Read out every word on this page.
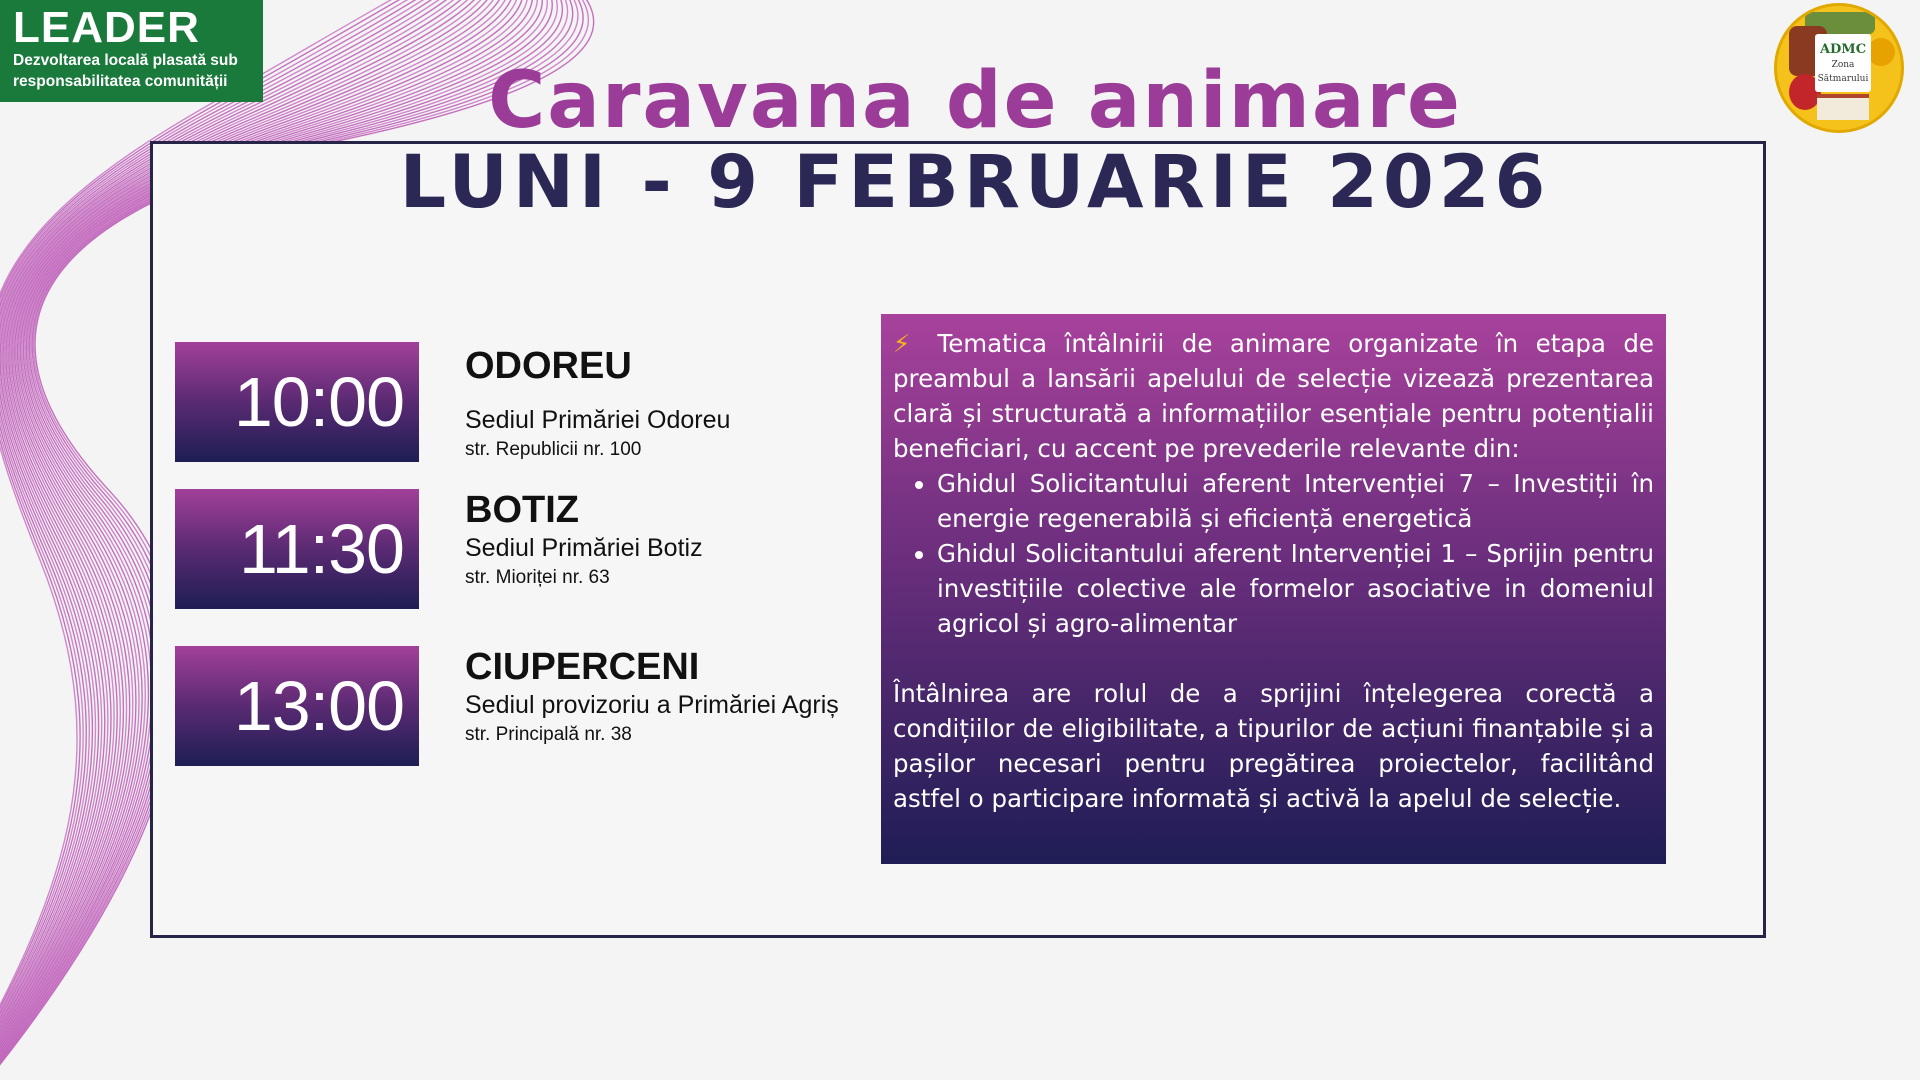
LEADER
Dezvoltarea locală plasată sub
responsabilitatea comunității
ADMC
Zona
Sătmarului
Caravana de animare
LUNI - 9 FEBRUARIE 2026
10:00	ODOREU
Sediul Primăriei Odoreu
str. Republicii nr. 100
11:30	BOTIZ
Sediul Primăriei Botiz
str. Mioriței nr. 63
13:00	CIUPERCENI
Sediul provizoriu a Primăriei Agriș
str. Principală nr. 38

⚡ Tematica întâlnirii de animare organizate în etapa de preambul a lansării apelului de selecție vizează prezentarea clară și structurată a informațiilor esențiale pentru potențialii beneficiari, cu accent pe prevederile relevante din:

• Ghidul Solicitantului aferent Intervenției 7 – Investiții în energie regenerabilă și eficiență energetică
• Ghidul Solicitantului aferent Intervenției 1 – Sprijin pentru investițiile colective ale formelor asociative in domeniul agricol și agro-alimentar

Întâlnirea are rolul de a sprijini înțelegerea corectă a condițiilor de eligibilitate, a tipurilor de acțiuni finanțabile și a pașilor necesari pentru pregătirea proiectelor, facilitând astfel o participare informată și activă la apelul de selecție.
